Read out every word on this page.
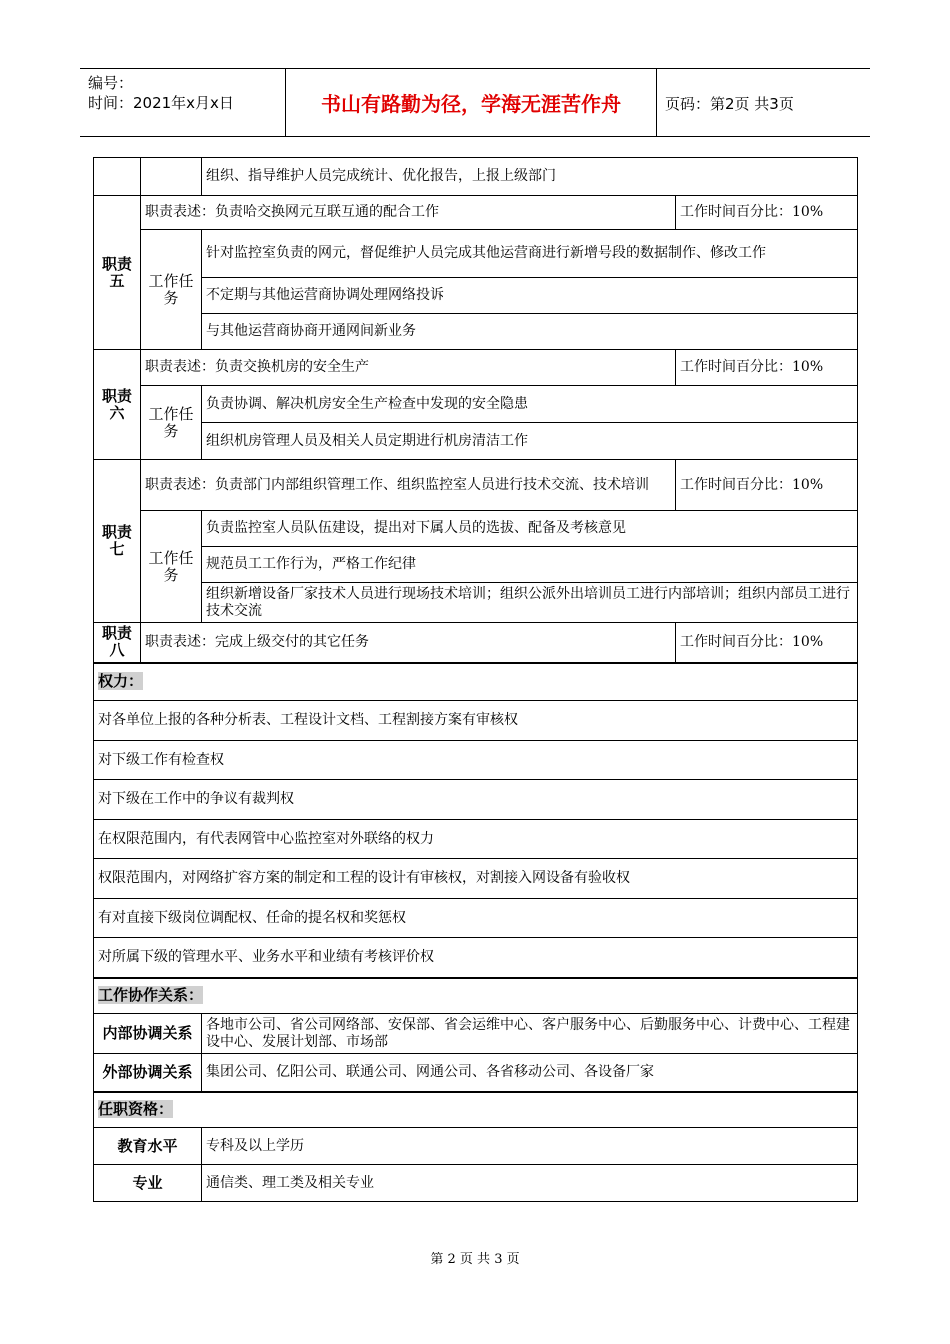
编号：
时间：2021年x月x日	书山有路勤为径，学海无涯苦作舟	页码：第2页 共3页
		组织、指导维护人员完成统计、优化报告，上报上级部门	
职责五	职责表述：负责哈交换网元互联互通的配合工作		工作时间百分比：10%
	工作任务	针对监控室负责的网元，督促维护人员完成其他运营商进行新增号段的数据制作、修改工作	
		不定期与其他运营商协调处理网络投诉	
		与其他运营商协商开通网间新业务	
职责六	职责表述：负责交换机房的安全生产		工作时间百分比：10%
	工作任务	负责协调、解决机房安全生产检查中发现的安全隐患	
		组织机房管理人员及相关人员定期进行机房清洁工作	
职责七	职责表述：负责部门内部组织管理工作、组织监控室人员进行技术交流、技术培训		工作时间百分比：10%
	工作任务	负责监控室人员队伍建设，提出对下属人员的选拔、配备及考核意见	
		规范员工工作行为，严格工作纪律	
		组织新增设备厂家技术人员进行现场技术培训；组织公派外出培训员工进行内部培训；组织内部员工进行技术交流	
职责八	职责表述：完成上级交付的其它任务		工作时间百分比：10%
权力：			
对各单位上报的各种分析表、工程设计文档、工程割接方案有审核权			
对下级工作有检查权			
对下级在工作中的争议有裁判权			
在权限范围内，有代表网管中心监控室对外联络的权力			
权限范围内，对网络扩容方案的制定和工程的设计有审核权，对割接入网设备有验收权			
有对直接下级岗位调配权、任命的提名权和奖惩权			
对所属下级的管理水平、业务水平和业绩有考核评价权			
工作协作关系：			
内部协调关系		各地市公司、省公司网络部、安保部、省会运维中心、客户服务中心、后勤服务中心、计费中心、工程建设中心、发展计划部、市场部	
外部协调关系		集团公司、亿阳公司、联通公司、网通公司、各省移动公司、各设备厂家	
任职资格：			
教育水平		专科及以上学历	
专业		通信类、理工类及相关专业	
第 2 页 共 3 页
